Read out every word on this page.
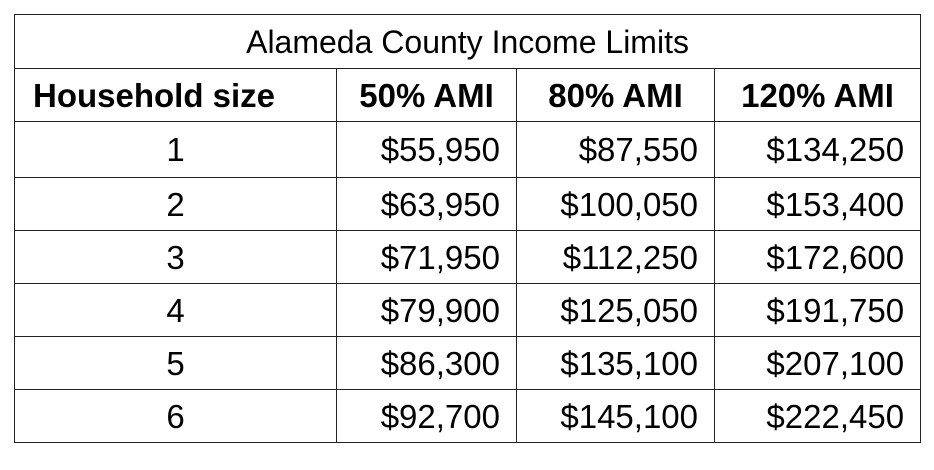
Alameda County Income Limits			
Household size	50% AMI	80% AMI	120% AMI
1	$55,950	$87,550	$134,250
2	$63,950	$100,050	$153,400
3	$71,950	$112,250	$172,600
4	$79,900	$125,050	$191,750
5	$86,300	$135,100	$207,100
6	$92,700	$145,100	$222,450
